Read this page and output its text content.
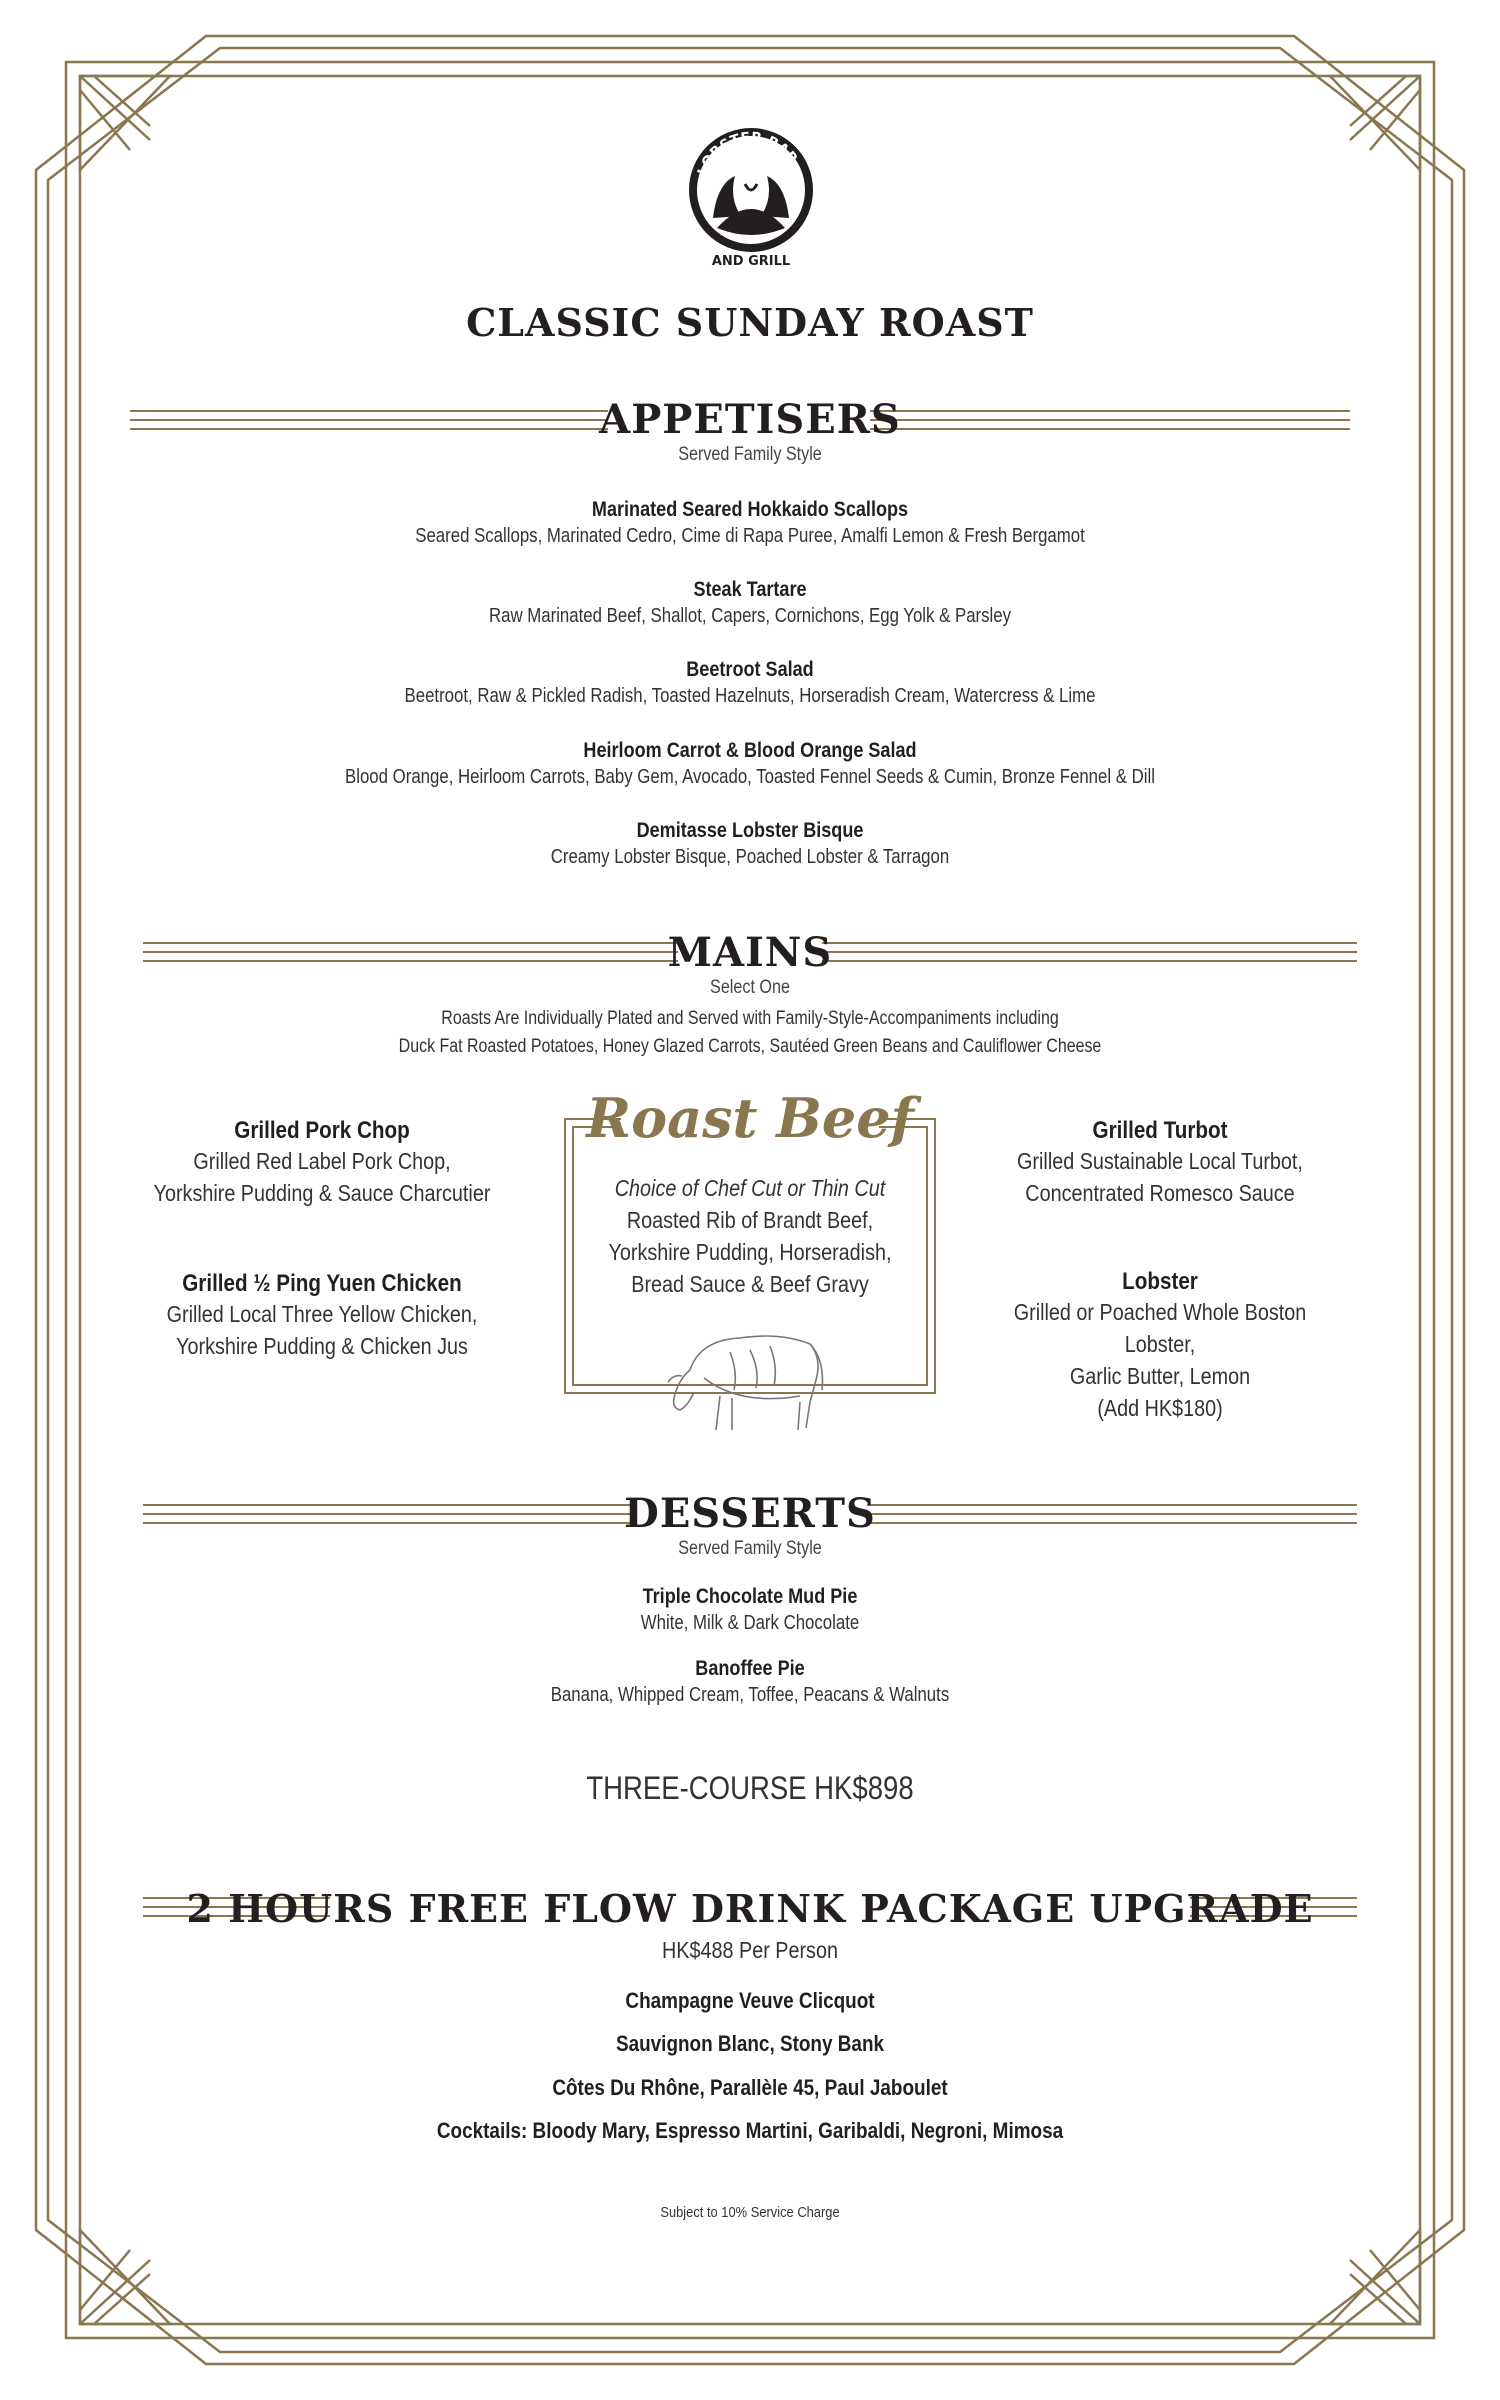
LOBSTER BAR
AND GRILL
CLASSIC SUNDAY ROAST
APPETISERS
Served Family Style
Marinated Seared Hokkaido Scallops
Seared Scallops, Marinated Cedro, Cime di Rapa Puree, Amalfi Lemon & Fresh Bergamot
Steak Tartare
Raw Marinated Beef, Shallot, Capers, Cornichons, Egg Yolk & Parsley
Beetroot Salad
Beetroot, Raw & Pickled Radish, Toasted Hazelnuts, Horseradish Cream, Watercress & Lime
Heirloom Carrot & Blood Orange Salad
Blood Orange, Heirloom Carrots, Baby Gem, Avocado, Toasted Fennel Seeds & Cumin, Bronze Fennel & Dill
Demitasse Lobster Bisque
Creamy Lobster Bisque, Poached Lobster & Tarragon
MAINS
Select One
Roasts Are Individually Plated and Served with Family-Style-Accompaniments including
Duck Fat Roasted Potatoes, Honey Glazed Carrots, Sautéed Green Beans and Cauliflower Cheese
Grilled Pork Chop
Grilled Red Label Pork Chop,
Yorkshire Pudding & Sauce Charcutier
Grilled ½ Ping Yuen Chicken
Grilled Local Three Yellow Chicken,
Yorkshire Pudding & Chicken Jus
Roast Beef
Choice of Chef Cut or Thin Cut
Roasted Rib of Brandt Beef,
Yorkshire Pudding, Horseradish,
Bread Sauce & Beef Gravy
Grilled Turbot
Grilled Sustainable Local Turbot,
Concentrated Romesco Sauce
Lobster
Grilled or Poached Whole Boston Lobster,
Garlic Butter, Lemon
(Add HK$180)
DESSERTS
Served Family Style
Triple Chocolate Mud Pie
White, Milk & Dark Chocolate
Banoffee Pie
Banana, Whipped Cream, Toffee, Peacans & Walnuts
THREE-COURSE HK$898
2 HOURS FREE FLOW DRINK PACKAGE UPGRADE
HK$488 Per Person
Champagne Veuve Clicquot
Sauvignon Blanc, Stony Bank
Côtes Du Rhône, Parallèle 45, Paul Jaboulet
Cocktails: Bloody Mary, Espresso Martini, Garibaldi, Negroni, Mimosa
Subject to 10% Service Charge
